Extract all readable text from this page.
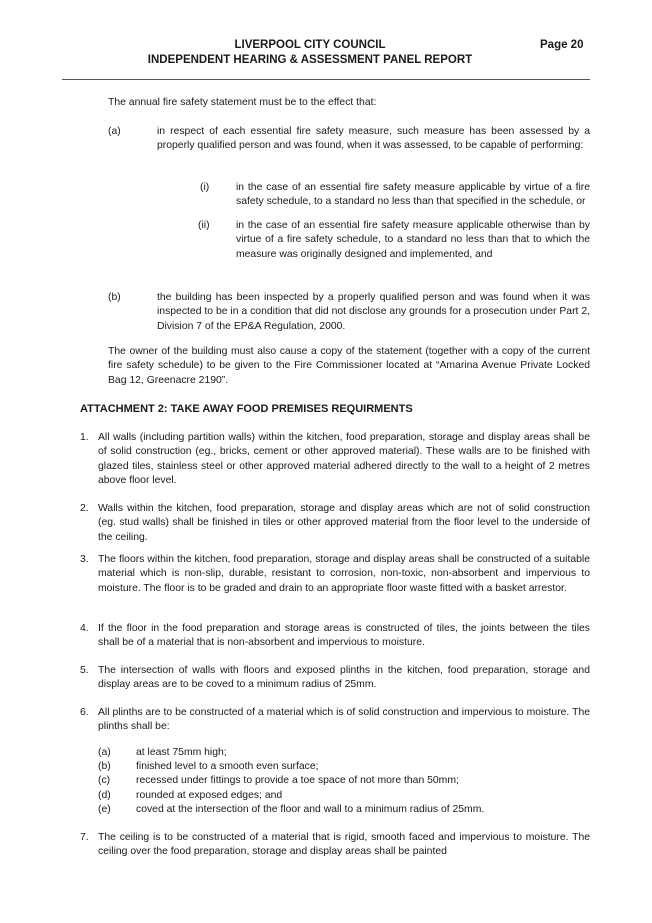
LIVERPOOL CITY COUNCIL
INDEPENDENT HEARING & ASSESSMENT PANEL REPORT
Page 20
The annual fire safety statement must be to the effect that:
(a)	in respect of each essential fire safety measure, such measure has been assessed by a properly qualified person and was found, when it was assessed, to be capable of performing:
(i)	in the case of an essential fire safety measure applicable by virtue of a fire safety schedule, to a standard no less than that specified in the schedule, or
(ii)	in the case of an essential fire safety measure applicable otherwise than by virtue of a fire safety schedule, to a standard no less than that to which the measure was originally designed and implemented, and
(b)	the building has been inspected by a properly qualified person and was found when it was inspected to be in a condition that did not disclose any grounds for a prosecution under Part 2, Division 7 of the EP&A Regulation, 2000.
The owner of the building must also cause a copy of the statement (together with a copy of the current fire safety schedule) to be given to the Fire Commissioner located at “Amarina Avenue Private Locked Bag 12, Greenacre 2190”.
ATTACHMENT 2: TAKE AWAY FOOD PREMISES REQUIRMENTS
1. All walls (including partition walls) within the kitchen, food preparation, storage and display areas shall be of solid construction (eg., bricks, cement or other approved material). These walls are to be finished with glazed tiles, stainless steel or other approved material adhered directly to the wall to a height of 2 metres above floor level.
2. Walls within the kitchen, food preparation, storage and display areas which are not of solid construction (eg. stud walls) shall be finished in tiles or other approved material from the floor level to the underside of the ceiling.
3. The floors within the kitchen, food preparation, storage and display areas shall be constructed of a suitable material which is non-slip, durable, resistant to corrosion, non-toxic, non-absorbent and impervious to moisture. The floor is to be graded and drain to an appropriate floor waste fitted with a basket arrestor.
4. If the floor in the food preparation and storage areas is constructed of tiles, the joints between the tiles shall be of a material that is non-absorbent and impervious to moisture.
5. The intersection of walls with floors and exposed plinths in the kitchen, food preparation, storage and display areas are to be coved to a minimum radius of 25mm.
6. All plinths are to be constructed of a material which is of solid construction and impervious to moisture. The plinths shall be:
(a) at least 75mm high;
(b) finished level to a smooth even surface;
(c) recessed under fittings to provide a toe space of not more than 50mm;
(d) rounded at exposed edges; and
(e) coved at the intersection of the floor and wall to a minimum radius of 25mm.
7. The ceiling is to be constructed of a material that is rigid, smooth faced and impervious to moisture. The ceiling over the food preparation, storage and display areas shall be painted
